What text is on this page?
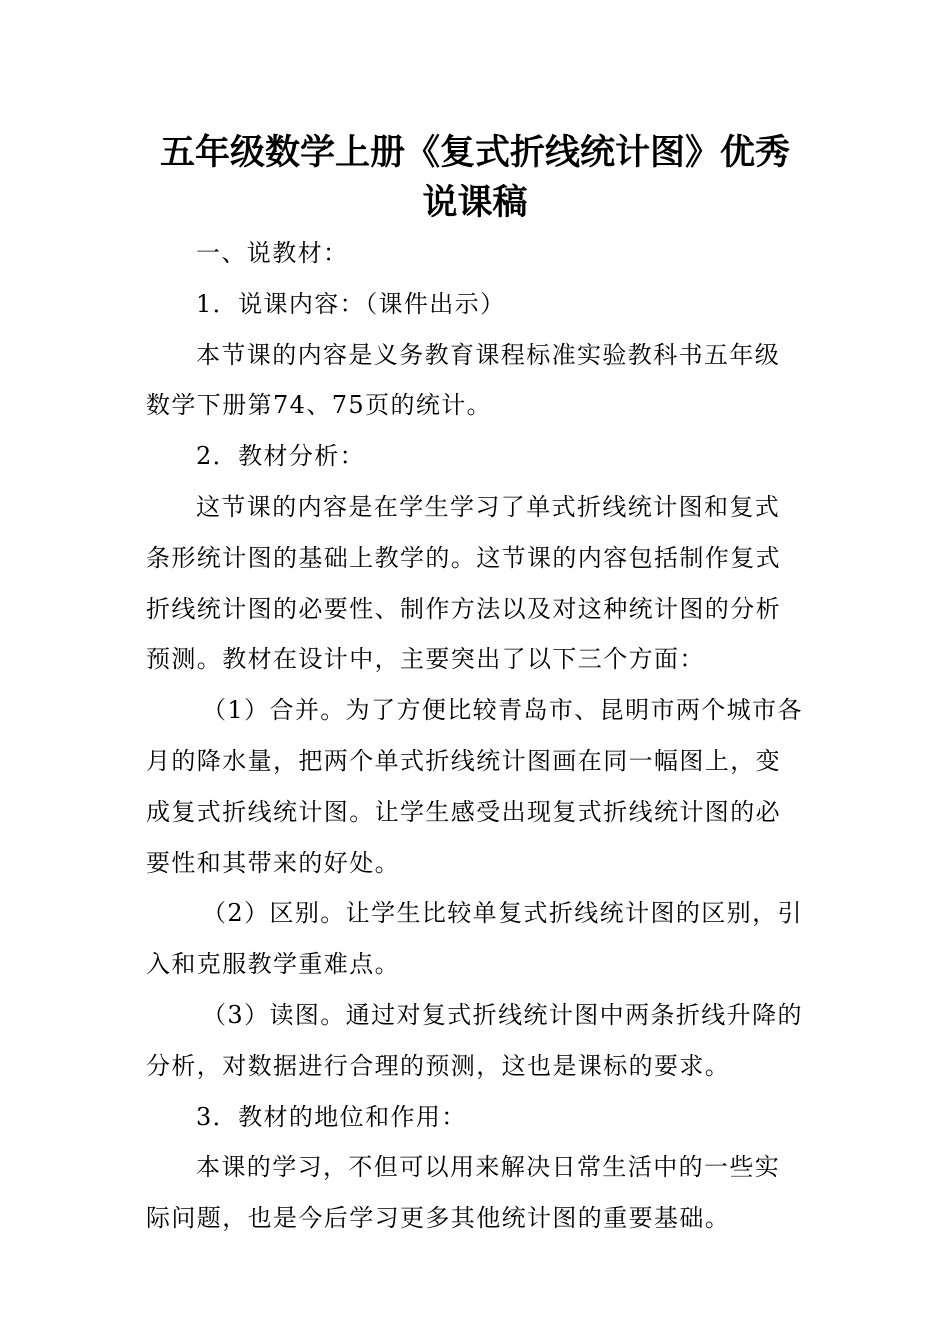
五年级数学上册《复式折线统计图》优秀
说课稿
一、说教材：
1．说课内容：（课件出示）
本节课的内容是义务教育课程标准实验教科书五年级
数学下册第74、75页的统计。
2．教材分析：
这节课的内容是在学生学习了单式折线统计图和复式
条形统计图的基础上教学的。这节课的内容包括制作复式
折线统计图的必要性、制作方法以及对这种统计图的分析
预测。教材在设计中，主要突出了以下三个方面：
（1）合并。为了方便比较青岛市、昆明市两个城市各
月的降水量，把两个单式折线统计图画在同一幅图上，变
成复式折线统计图。让学生感受出现复式折线统计图的必
要性和其带来的好处。
（2）区别。让学生比较单复式折线统计图的区别，引
入和克服教学重难点。
（3）读图。通过对复式折线统计图中两条折线升降的
分析，对数据进行合理的预测，这也是课标的要求。
3．教材的地位和作用：
本课的学习，不但可以用来解决日常生活中的一些实
际问题，也是今后学习更多其他统计图的重要基础。
